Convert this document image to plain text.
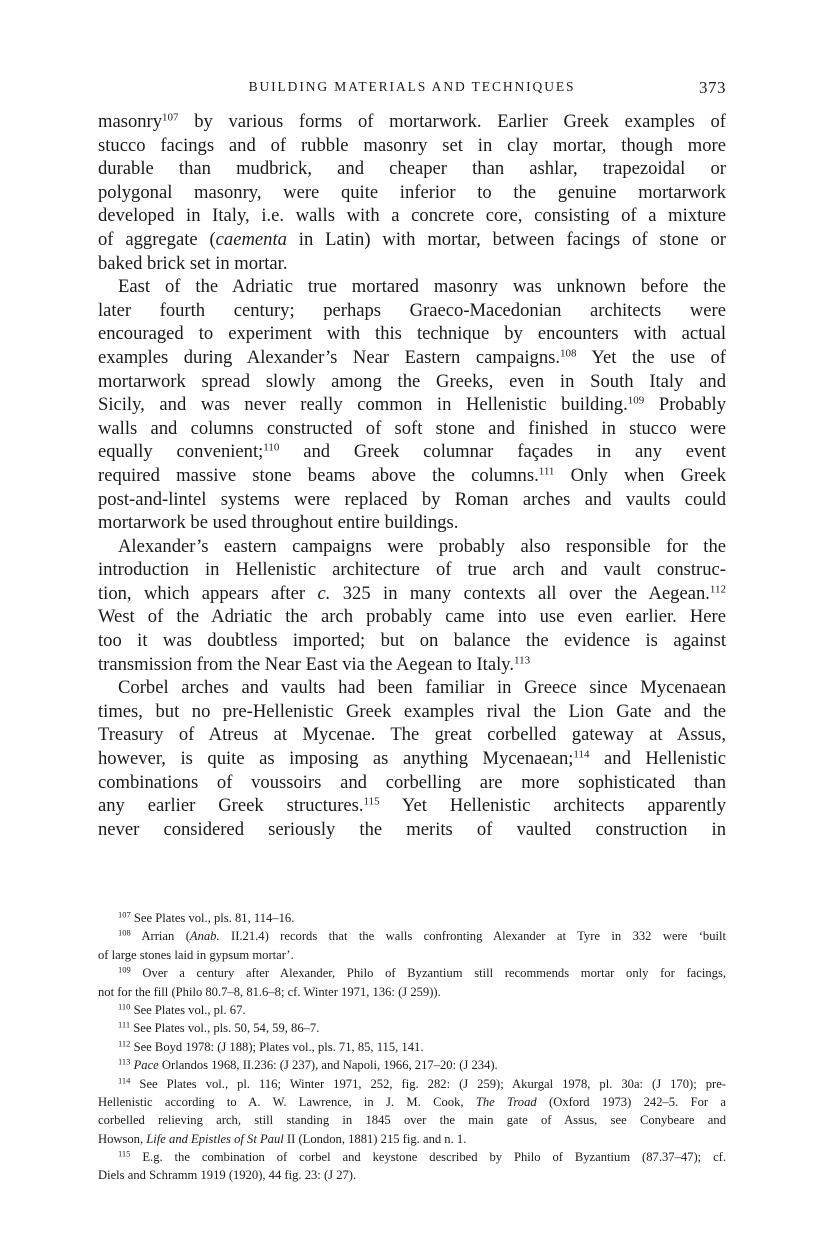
BUILDING MATERIALS AND TECHNIQUES	373
masonry$^{107}$ by various forms of mortarwork. Earlier Greek examples of
stucco facings and of rubble masonry set in clay mortar, though more
durable than mudbrick, and cheaper than ashlar, trapezoidal or
polygonal masonry, were quite inferior to the genuine mortarwork
developed in Italy, i.e. walls with a concrete core, consisting of a mixture
of aggregate (caementa in Latin) with mortar, between facings of stone or
baked brick set in mortar.
East of the Adriatic true mortared masonry was unknown before the
later fourth century; perhaps Graeco-Macedonian architects were
encouraged to experiment with this technique by encounters with actual
examples during Alexander’s Near Eastern campaigns.$^{108}$ Yet the use of
mortarwork spread slowly among the Greeks, even in South Italy and
Sicily, and was never really common in Hellenistic building.$^{109}$ Probably
walls and columns constructed of soft stone and finished in stucco were
equally convenient;$^{110}$ and Greek columnar façades in any event
required massive stone beams above the columns.$^{111}$ Only when Greek
post-and-lintel systems were replaced by Roman arches and vaults could
mortarwork be used throughout entire buildings.
Alexander’s eastern campaigns were probably also responsible for the
introduction in Hellenistic architecture of true arch and vault construc-
tion, which appears after c. 325 in many contexts all over the Aegean.$^{112}$
West of the Adriatic the arch probably came into use even earlier. Here
too it was doubtless imported; but on balance the evidence is against
transmission from the Near East via the Aegean to Italy.$^{113}$
Corbel arches and vaults had been familiar in Greece since Mycenaean
times, but no pre-Hellenistic Greek examples rival the Lion Gate and the
Treasury of Atreus at Mycenae. The great corbelled gateway at Assus,
however, is quite as imposing as anything Mycenaean;$^{114}$ and Hellenistic
combinations of voussoirs and corbelling are more sophisticated than
any earlier Greek structures.$^{115}$ Yet Hellenistic architects apparently
never considered seriously the merits of vaulted construction in
$^{107}$ See Plates vol., pls. 81, 114–16.
$^{108}$ Arrian (Anab. II.21.4) records that the walls confronting Alexander at Tyre in 332 were ‘built
of large stones laid in gypsum mortar’.
$^{109}$ Over a century after Alexander, Philo of Byzantium still recommends mortar only for facings,
not for the fill (Philo 80.7–8, 81.6–8; cf. Winter 1971, 136: (J 259)).
$^{110}$ See Plates vol., pl. 67.
$^{111}$ See Plates vol., pls. 50, 54, 59, 86–7.
$^{112}$ See Boyd 1978: (J 188); Plates vol., pls. 71, 85, 115, 141.
$^{113}$ Pace Orlandos 1968, II.236: (J 237), and Napoli, 1966, 217–20: (J 234).
$^{114}$ See Plates vol., pl. 116; Winter 1971, 252, fig. 282: (J 259); Akurgal 1978, pl. 30a: (J 170); pre-
Hellenistic according to A. W. Lawrence, in J. M. Cook, The Troad (Oxford 1973) 242–5. For a
corbelled relieving arch, still standing in 1845 over the main gate of Assus, see Conybeare and
Howson, Life and Epistles of St Paul II (London, 1881) 215 fig. and n. 1.
$^{115}$ E.g. the combination of corbel and keystone described by Philo of Byzantium (87.37–47); cf.
Diels and Schramm 1919 (1920), 44 fig. 23: (J 27).
